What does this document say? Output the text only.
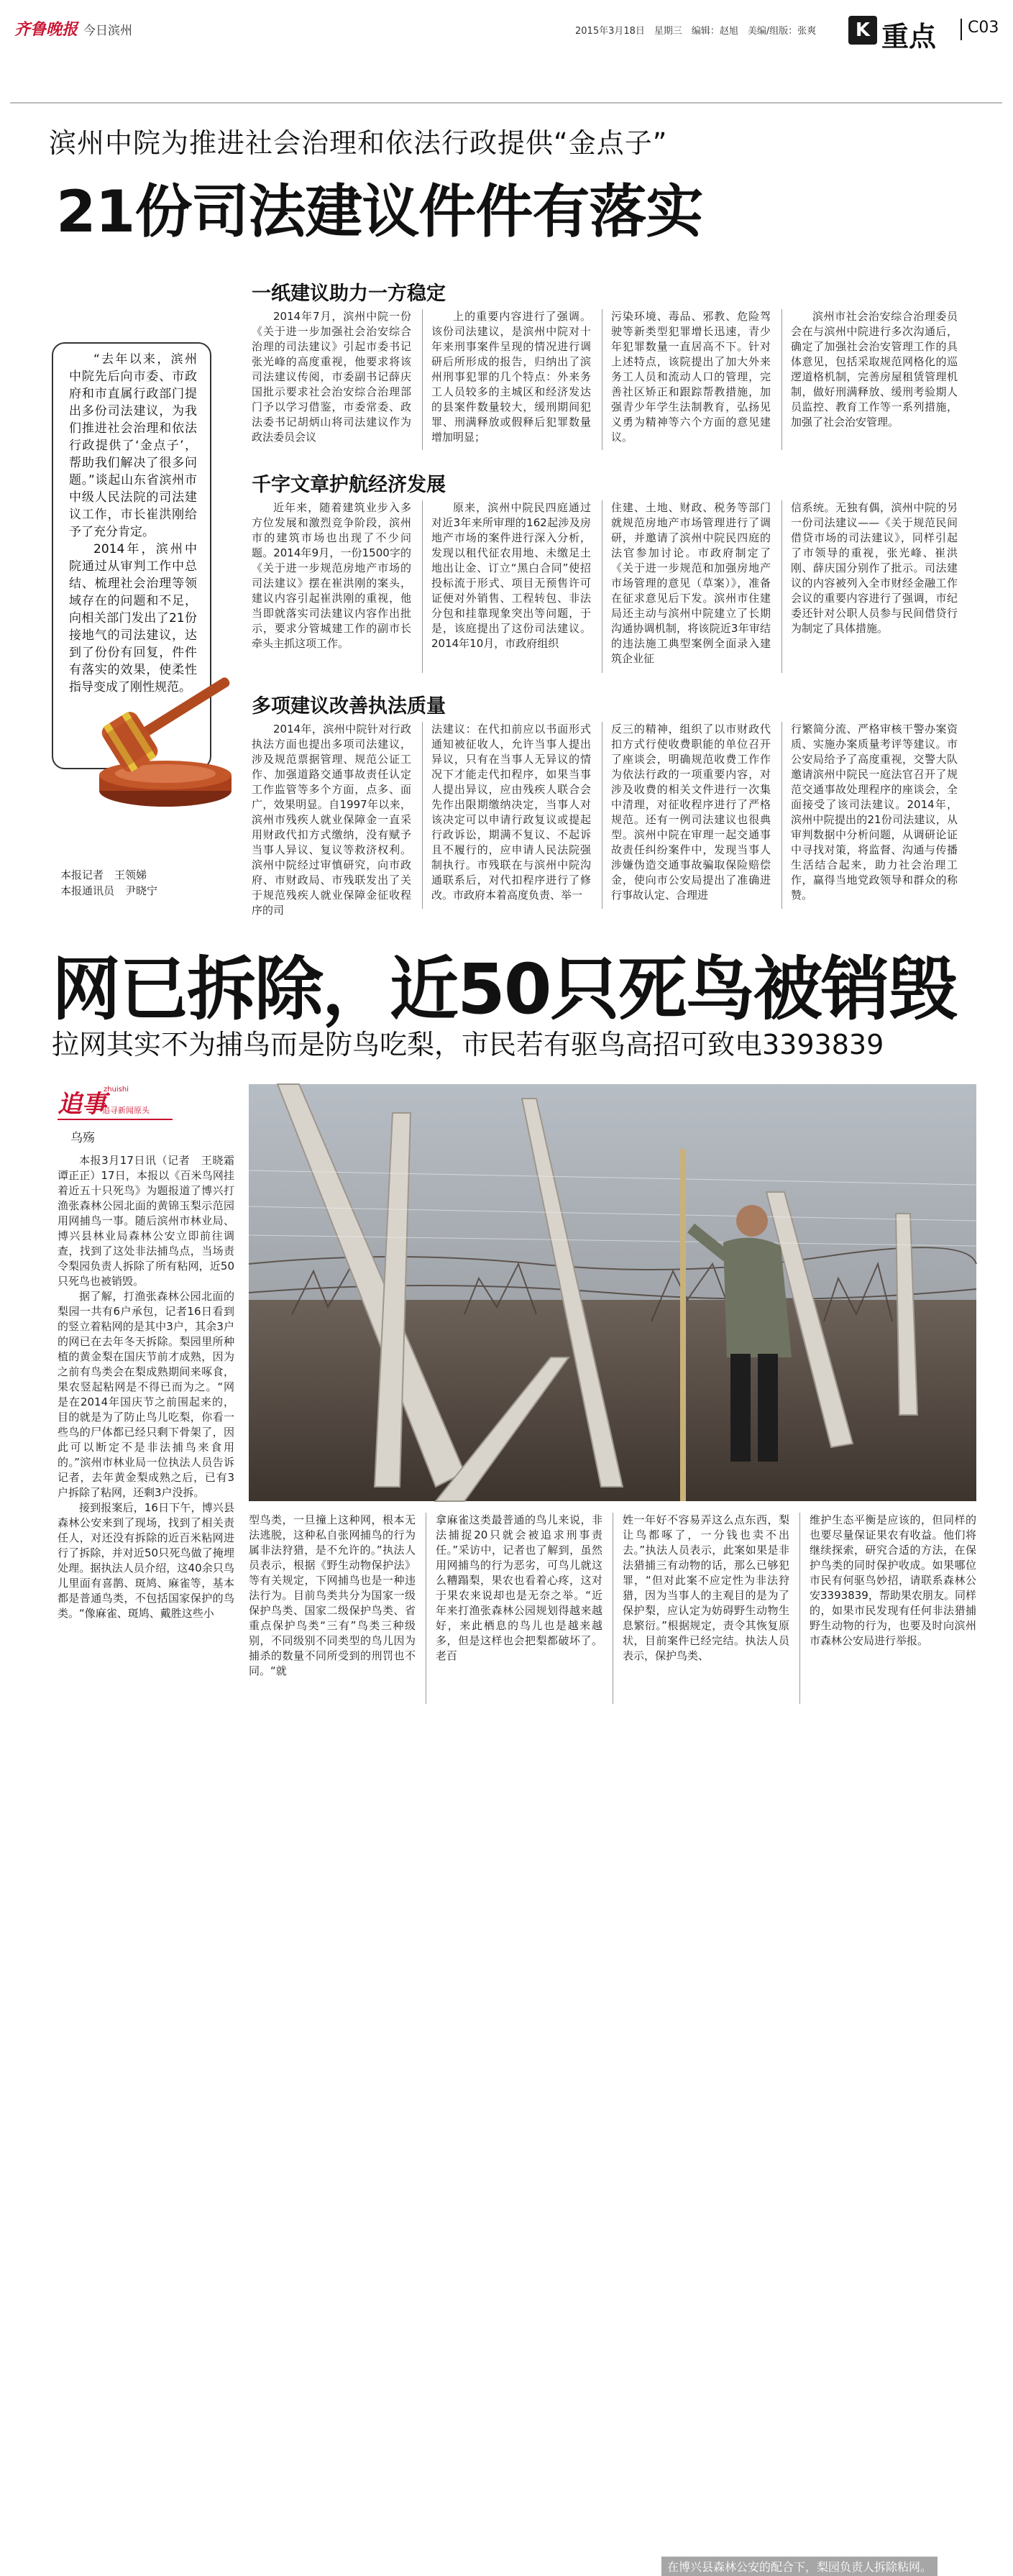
齐鲁晚报 今日滨州	2015年3月18日　星期三　编辑：赵旭　美编/组版：张爽	K 重点	C03
滨州中院为推进社会治理和依法行政提供“金点子”
21份司法建议件件有落实

“去年以来，滨州中院先后向市委、市政府和市直属行政部门提出多份司法建议，为我们推进社会治理和依法行政提供了‘金点子’，帮助我们解决了很多问题。”谈起山东省滨州市中级人民法院的司法建议工作，市长崔洪刚给予了充分肯定。

2014年，滨州中院通过从审判工作中总结、梳理社会治理等领域存在的问题和不足，向相关部门发出了21份接地气的司法建议，达到了份份有回复，件件有落实的效果，使柔性指导变成了刚性规范。

本报记者　王领娣
本报通讯员　尹晓宁
一纸建议助力一方稳定

2014年7月，滨州中院一份《关于进一步加强社会治安综合治理的司法建议》引起市委书记张光峰的高度重视，他要求将该司法建议传阅，市委副书记薛庆国批示要求社会治安综合治理部门予以学习借鉴，市委常委、政法委书记胡炳山将司法建议作为政法委员会议

上的重要内容进行了强调。该份司法建议，是滨州中院对十年来刑事案件呈现的情况进行调研后所形成的报告，归纳出了滨州刑事犯罪的几个特点：外来务工人员较多的主城区和经济发达的县案件数量较大，缓刑期间犯罪、刑满释放或假释后犯罪数量增加明显；

污染环境、毒品、邪教、危险驾驶等新类型犯罪增长迅速，青少年犯罪数量一直居高不下。针对上述特点，该院提出了加大外来务工人员和流动人口的管理，完善社区矫正和跟踪帮教措施，加强青少年学生法制教育，弘扬见义勇为精神等六个方面的意见建议。

滨州市社会治安综合治理委员会在与滨州中院进行多次沟通后，确定了加强社会治安管理工作的具体意见，包括采取规范网格化的巡逻道格机制，完善房屋租赁管理机制，做好刑满释放、缓刑考验期人员监控、教育工作等一系列措施，加强了社会治安管理。

千字文章护航经济发展

近年来，随着建筑业步入多方位发展和激烈竞争阶段，滨州市的建筑市场也出现了不少问题。2014年9月，一份1500字的《关于进一步规范房地产市场的司法建议》摆在崔洪刚的案头，建议内容引起崔洪刚的重视，他当即就落实司法建议内容作出批示，要求分管城建工作的副市长牵头主抓这项工作。

原来，滨州中院民四庭通过对近3年来所审理的162起涉及房地产市场的案件进行深入分析，发现以租代征农用地、未缴足土地出让金、订立“黑白合同”使招投标流于形式、项目无预售许可证便对外销售、工程转包、非法分包和挂靠现象突出等问题，于是，该庭提出了这份司法建议。2014年10月，市政府组织

住建、土地、财政、税务等部门就规范房地产市场管理进行了调研，并邀请了滨州中院民四庭的法官参加讨论。市政府制定了《关于进一步规范和加强房地产市场管理的意见（草案）》，准备在征求意见后下发。滨州市住建局还主动与滨州中院建立了长期沟通协调机制，将该院近3年审结的违法施工典型案例全面录入建筑企业征

信系统。无独有偶，滨州中院的另一份司法建议——《关于规范民间借贷市场的司法建议》，同样引起了市领导的重视，张光峰、崔洪刚、薛庆国分别作了批示。司法建议的内容被列入全市财经金融工作会议的重要内容进行了强调，市纪委还针对公职人员参与民间借贷行为制定了具体措施。

多项建议改善执法质量

2014年，滨州中院针对行政执法方面也提出多项司法建议，涉及规范票据管理、规范公证工作、加强道路交通事故责任认定工作监管等多个方面，点多、面广，效果明显。自1997年以来，滨州市残疾人就业保障金一直采用财政代扣方式缴纳，没有赋予当事人异议、复议等救济权利。滨州中院经过审慎研究，向市政府、市财政局、市残联发出了关于规范残疾人就业保障金征收程序的司

法建议：在代扣前应以书面形式通知被征收人，允许当事人提出异议，只有在当事人无异议的情况下才能走代扣程序，如果当事人提出异议，应由残疾人联合会先作出限期缴纳决定，当事人对该决定可以申请行政复议或提起行政诉讼，期满不复议、不起诉且不履行的，应申请人民法院强制执行。市残联在与滨州中院沟通联系后，对代扣程序进行了修改。市政府本着高度负责、举一

反三的精神，组织了以市财政代扣方式行使收费职能的单位召开了座谈会，明确规范收费工作作为依法行政的一项重要内容，对涉及收费的相关文件进行一次集中清理，对征收程序进行了严格规范。还有一例司法建议也很典型。滨州中院在审理一起交通事故责任纠纷案件中，发现当事人涉嫌伪造交通事故骗取保险赔偿金，使向市公安局提出了准确进行事故认定、合理进

行繁简分流、严格审核干警办案资质、实施办案质量考评等建议。市公安局给予了高度重视，交警大队邀请滨州中院民一庭法官召开了规范交通事故处理程序的座谈会，全面接受了该司法建议。2014年，滨州中院提出的21份司法建议，从审判数据中分析问题，从调研论证中寻找对策，将监督、沟通与传播生活结合起来，助力社会治理工作，赢得当地党政领导和群众的称赞。

网已拆除，近50只死鸟被销毁
拉网其实不为捕鸟而是防鸟吃梨，市民若有驱鸟高招可致电3393839
追事
zhuishi
追寻新闻原头
乌殇
在博兴县森林公安的配合下，梨园负责人拆除粘网。

本报3月17日讯（记者　王晓霜　谭正正）17日，本报以《百米鸟网挂着近五十只死鸟》为题报道了博兴打渔张森林公园北面的黄锦玉梨示范园用网捕鸟一事。随后滨州市林业局、博兴县林业局森林公安立即前往调查，找到了这处非法捕鸟点，当场责令梨园负责人拆除了所有粘网，近50只死鸟也被销毁。

据了解，打渔张森林公园北面的梨园一共有6户承包，记者16日看到的竖立着粘网的是其中3户，其余3户的网已在去年冬天拆除。梨园里所种植的黄金梨在国庆节前才成熟，因为之前有鸟类会在梨成熟期间来啄食，果农竖起粘网是不得已而为之。“网是在2014年国庆节之前围起来的，目的就是为了防止鸟儿吃梨，你看一些鸟的尸体都已经只剩下骨架了，因此可以断定不是非法捕鸟来食用的。”滨州市林业局一位执法人员告诉记者，去年黄金梨成熟之后，已有3户拆除了粘网，还剩3户没拆。

接到报案后，16日下午，博兴县森林公安来到了现场，找到了相关责任人，对还没有拆除的近百米粘网进行了拆除，并对近50只死鸟做了掩埋处理。据执法人员介绍，这40余只鸟儿里面有喜鹊、斑鸠、麻雀等，基本都是普通鸟类，不包括国家保护的鸟类。“像麻雀、斑鸠、戴胜这些小

型鸟类，一旦撞上这种网，根本无法逃脱，这种私自张网捕鸟的行为属非法狩猎，是不允许的。”执法人员表示，根据《野生动物保护法》等有关规定，下网捕鸟也是一种违法行为。目前鸟类共分为国家一级保护鸟类、国家二级保护鸟类、省重点保护鸟类“三有”鸟类三种级别，不同级别不同类型的鸟儿因为捕杀的数量不同所受到的刑罚也不同。“就

拿麻雀这类最普通的鸟儿来说，非法捕捉20只就会被追求刑事责任。”采访中，记者也了解到，虽然用网捕鸟的行为恶劣，可鸟儿就这么糟蹋梨，果农也看着心疼，这对于果农来说却也是无奈之举。“近年来打渔张森林公园规划得越来越好，来此栖息的鸟儿也是越来越多，但是这样也会把梨都破坏了。老百

姓一年好不容易弄这么点东西，梨让鸟都啄了，一分钱也卖不出去。”执法人员表示，此案如果是非法猎捕三有动物的话，那么已够犯罪，“但对此案不应定性为非法狩猎，因为当事人的主观目的是为了保护梨，应认定为妨碍野生动物生息繁衍。”根据规定，责令其恢复原状，目前案件已经完结。执法人员表示，保护鸟类、

维护生态平衡是应该的，但同样的也要尽量保证果农有收益。他们将继续探索，研究合适的方法，在保护鸟类的同时保护收成。如果哪位市民有何驱鸟妙招，请联系森林公安3393839，帮助果农朋友。同样的，如果市民发现有任何非法猎捕野生动物的行为，也要及时向滨州市森林公安局进行举报。
